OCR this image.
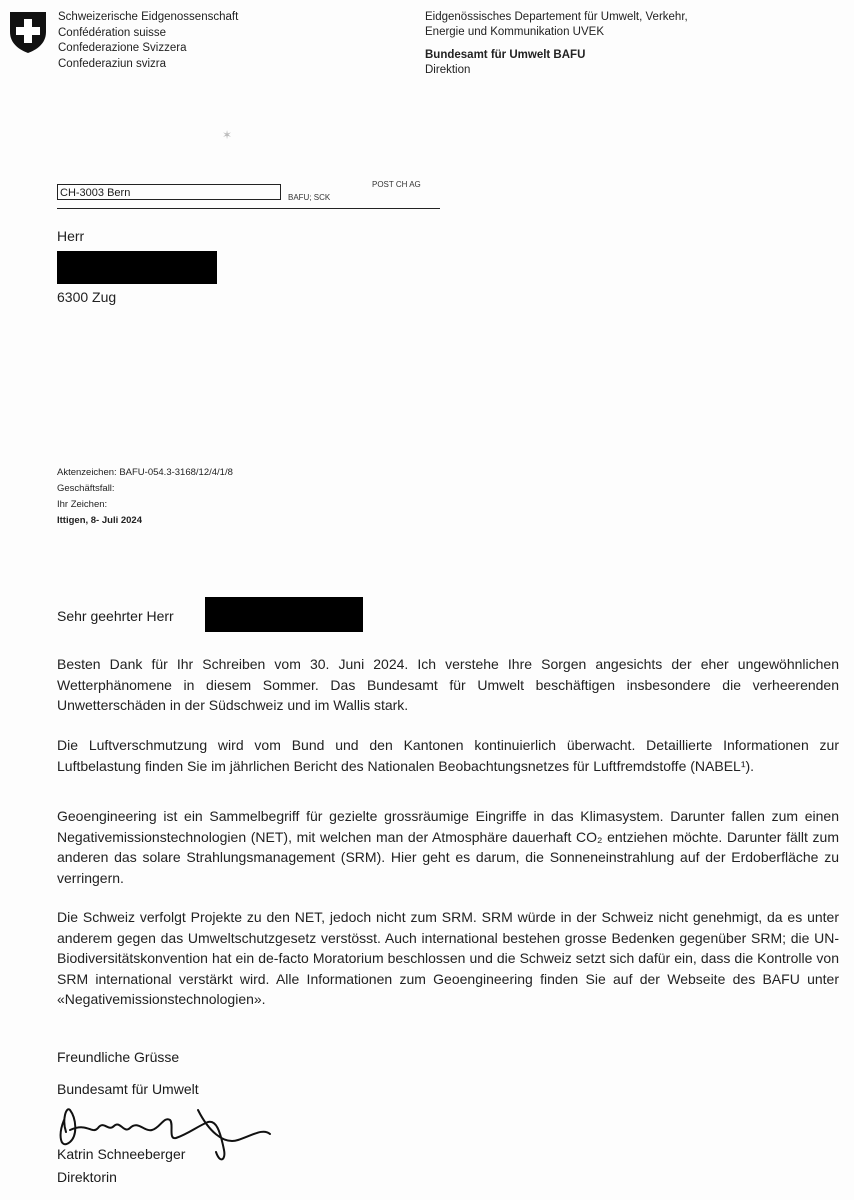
Schweizerische Eidgenossenschaft
Confédération suisse
Confederazione Svizzera
Confederaziun svizra
Eidgenössisches Departement für Umwelt, Verkehr,
Energie und Kommunikation UVEK
Bundesamt für Umwelt BAFU
Direktion
✶
POST CH AG
CH-3003 Bern	BAFU; SCK
Herr
6300 Zug

Aktenzeichen: BAFU-054.3-3168/12/4/1/8
Geschäftsfall:
Ihr Zeichen:
Ittigen, 8- Juli 2024
Sehr geehrter Herr

Besten Dank für Ihr Schreiben vom 30. Juni 2024. Ich verstehe Ihre Sorgen angesichts der eher ungewöhnlichen Wetterphänomene in diesem Sommer. Das Bundesamt für Umwelt beschäftigen insbesondere die verheerenden Unwetterschäden in der Südschweiz und im Wallis stark.

Die Luftverschmutzung wird vom Bund und den Kantonen kontinuierlich überwacht. Detaillierte Informationen zur Luftbelastung finden Sie im jährlichen Bericht des Nationalen Beobachtungsnetzes für Luftfremdstoffe (NABEL¹).

Geoengineering ist ein Sammelbegriff für gezielte grossräumige Eingriffe in das Klimasystem. Darunter fallen zum einen Negativemissionstechnologien (NET), mit welchen man der Atmosphäre dauerhaft CO₂ entziehen möchte. Darunter fällt zum anderen das solare Strahlungsmanagement (SRM). Hier geht es darum, die Sonneneinstrahlung auf der Erdoberfläche zu verringern.

Die Schweiz verfolgt Projekte zu den NET, jedoch nicht zum SRM. SRM würde in der Schweiz nicht genehmigt, da es unter anderem gegen das Umweltschutzgesetz verstösst. Auch international bestehen grosse Bedenken gegenüber SRM; die UN-Biodiversitätskonvention hat ein de-facto Moratorium beschlossen und die Schweiz setzt sich dafür ein, dass die Kontrolle von SRM international verstärkt wird. Alle Informationen zum Geoengineering finden Sie auf der Webseite des BAFU unter «Negativemissionstechnologien».

Freundliche Grüsse
Bundesamt für Umwelt
Katrin Schneeberger
Direktorin
